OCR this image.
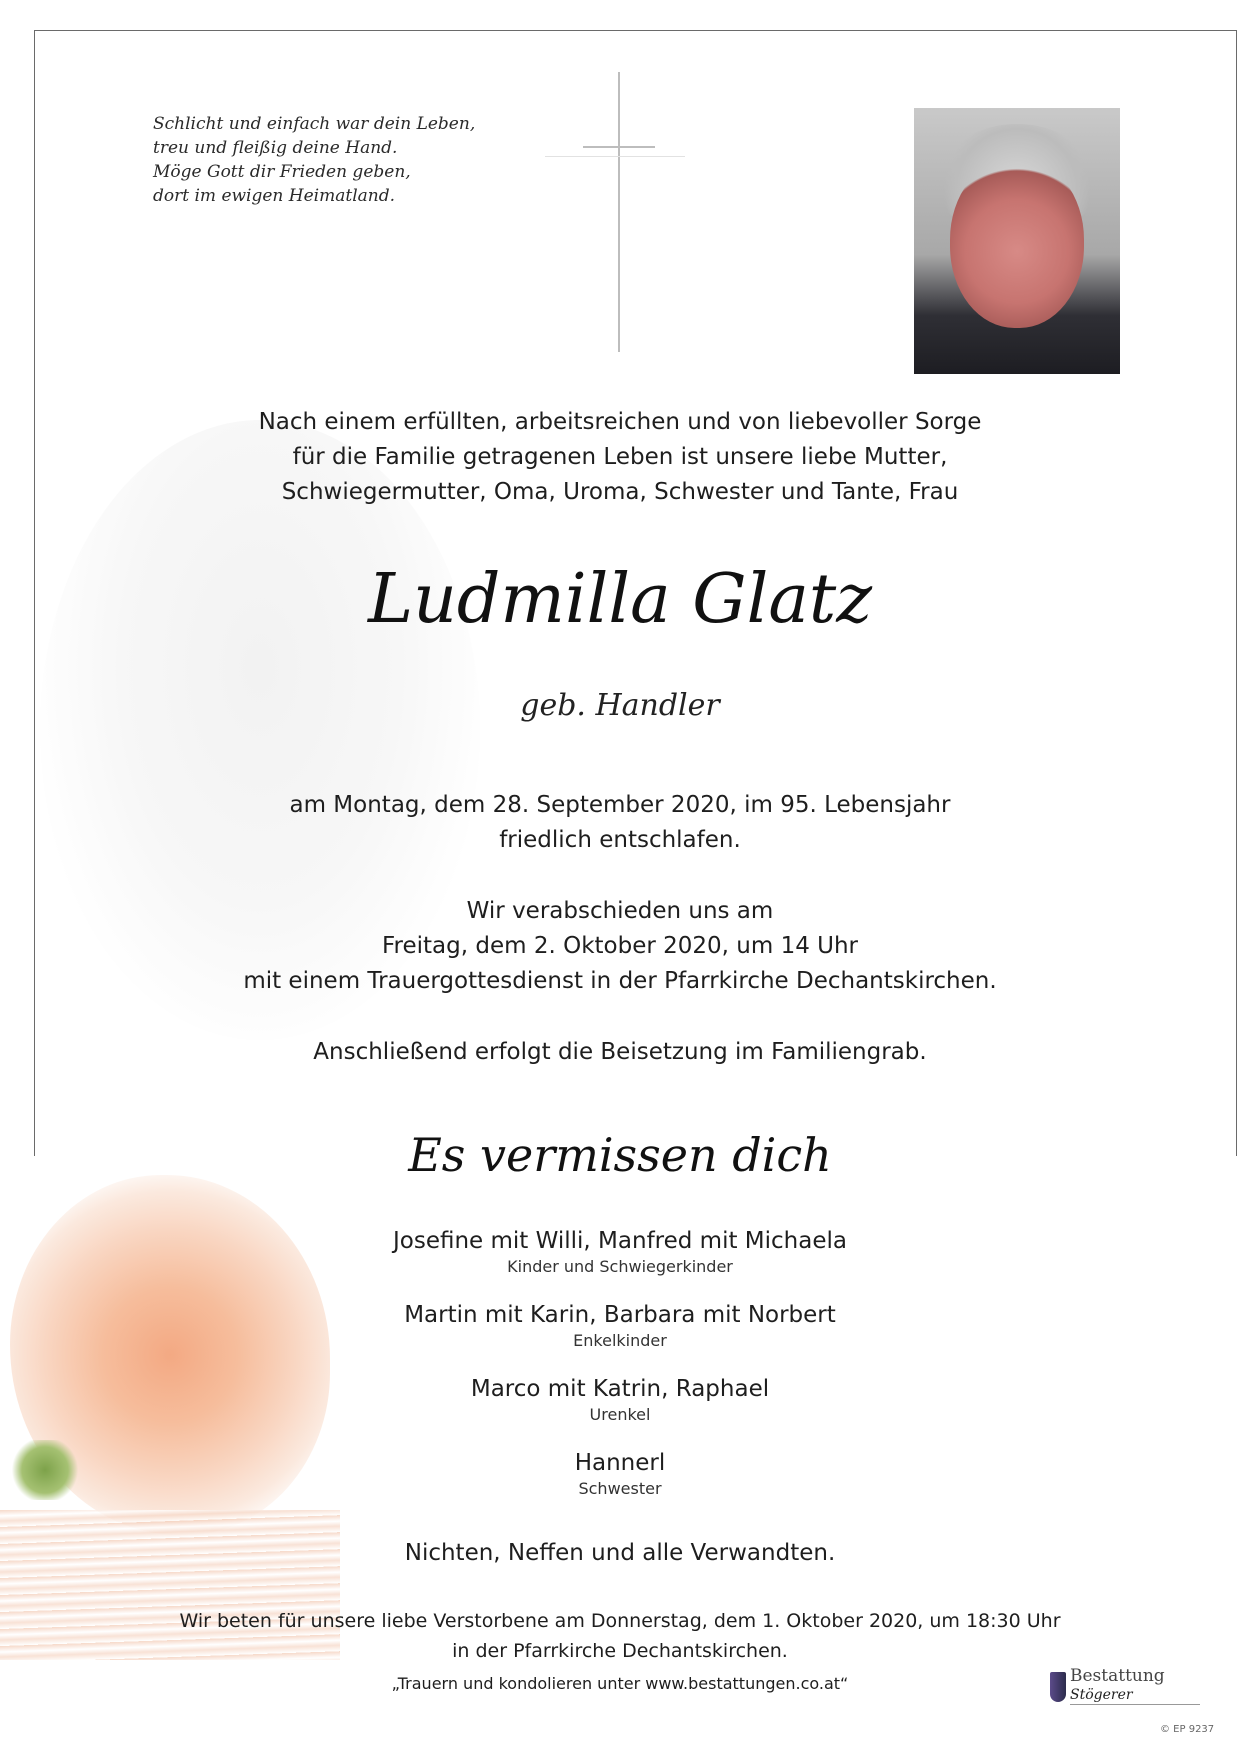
Schlicht und einfach war dein Leben,
treu und fleißig deine Hand.
Möge Gott dir Frieden geben,
dort im ewigen Heimatland.

Nach einem erfüllten, arbeitsreichen und von liebevoller Sorge
für die Familie getragenen Leben ist unsere liebe Mutter,
Schwiegermutter, Oma, Uroma, Schwester und Tante, Frau

Ludmilla Glatz

geb. Handler

am Montag, dem 28. September 2020, im 95. Lebensjahr
friedlich entschlafen.

Wir verabschieden uns am
Freitag, dem 2. Oktober 2020, um 14 Uhr
mit einem Trauergottesdienst in der Pfarrkirche Dechantskirchen.

Anschließend erfolgt die Beisetzung im Familiengrab.

Es vermissen dich

Josefine mit Willi, Manfred mit Michaela
Kinder und Schwiegerkinder
Martin mit Karin, Barbara mit Norbert
Enkelkinder
Marco mit Katrin, Raphael
Urenkel
Hannerl
Schwester

Nichten, Neffen und alle Verwandten.

Wir beten für unsere liebe Verstorbene am Donnerstag, dem 1. Oktober 2020, um 18:30 Uhr
in der Pfarrkirche Dechantskirchen.

„Trauern und kondolieren unter www.bestattungen.co.at“	Bestattung
Stögerer
© EP 9237
